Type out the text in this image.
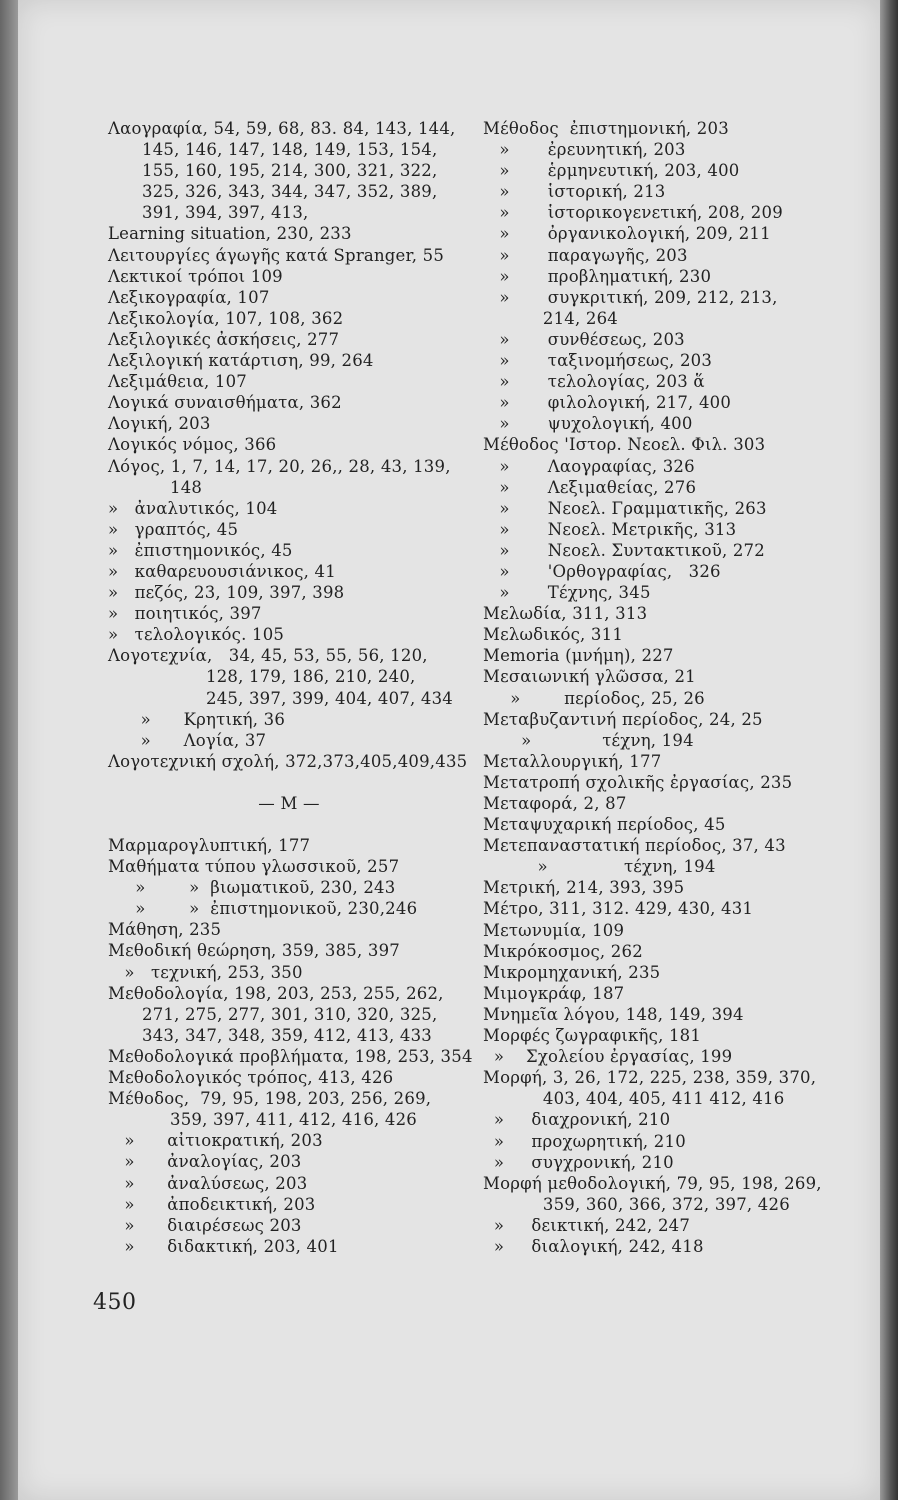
Λαογραφία, 54, 59, 68, 83. 84, 143, 144,
145, 146, 147, 148, 149, 153, 154,
155, 160, 195, 214, 300, 321, 322,
325, 326, 343, 344, 347, 352, 389,
391, 394, 397, 413,
Learning situation, 230, 233
Λειτουργίες άγωγῆς κατά Spranger, 55
Λεκτικοί τρόποι 109
Λεξικογραφία, 107
Λεξικολογία, 107, 108, 362
Λεξιλογικές ἀσκήσεις, 277
Λεξιλογική κατάρτιση, 99, 264
Λεξιμάθεια, 107
Λογικά συναισθήματα, 362
Λογική, 203
Λογικός νόμος, 366
Λόγος, 1, 7, 14, 17, 20, 26,, 28, 43, 139,
148
»   ἀναλυτικός, 104
»   γραπτός, 45
»   ἐπιστημονικός, 45
»   καθαρευουσιάνικος, 41
»   πεζός, 23, 109, 397, 398
»   ποιητικός, 397
»   τελολογικός. 105
Λογοτεχνία,   34, 45, 53, 55, 56, 120,
128, 179, 186, 210, 240,
245, 397, 399, 404, 407, 434
»      Κρητική, 36
»      Λογία, 37
Λογοτεχνική σχολή, 372,373,405,409,435
— Μ —
Μαρμαρογλυπτική, 177
Μαθήματα τύπου γλωσσικοῦ, 257
»        »  βιωματικοῦ, 230, 243
»        »  ἐπιστημονικοῦ, 230,246
Μάθηση, 235
Μεθοδική θεώρηση, 359, 385, 397
»   τεχνική, 253, 350
Μεθοδολογία, 198, 203, 253, 255, 262,
271, 275, 277, 301, 310, 320, 325,
343, 347, 348, 359, 412, 413, 433
Μεθοδολογικά προβλήματα, 198, 253, 354
Μεθοδολογικός τρόπος, 413, 426
Μέθοδος,  79, 95, 198, 203, 256, 269,
359, 397, 411, 412, 416, 426
»      αἰτιοκρατική, 203
»      ἀναλογίας, 203
»      ἀναλύσεως, 203
»      ἀποδεικτική, 203
»      διαιρέσεως 203
»      διδακτική, 203, 401
Μέθοδος  ἐπιστημονική, 203
»       ἐρευνητική, 203
»       ἑρμηνευτική, 203, 400
»       ἱστορική, 213
»       ἱστορικογενετική, 208, 209
»       ὀργανικολογική, 209, 211
»       παραγωγῆς, 203
»       προβληματική, 230
»       συγκριτική, 209, 212, 213,
214, 264
»       συνθέσεως, 203
»       ταξινομήσεως, 203
»       τελολογίας, 203 ἅ
»       φιλολογική, 217, 400
»       ψυχολογική, 400
Μέθοδος 'Ιστορ. Νεοελ. Φιλ. 303
»       Λαογραφίας, 326
»       Λεξιμαθείας, 276
»       Νεοελ. Γραμματικῆς, 263
»       Νεοελ. Μετρικῆς, 313
»       Νεοελ. Συντακτικοῦ, 272
»       'Ορθογραφίας,   326
»       Τέχνης, 345
Μελωδία, 311, 313
Μελωδικός, 311
Memoria (μνήμη), 227
Μεσαιωνική γλῶσσα, 21
»        περίοδος, 25, 26
Μεταβυζαντινή περίοδος, 24, 25
»             τέχνη, 194
Μεταλλουργική, 177
Μετατροπή σχολικῆς ἐργασίας, 235
Μεταφορά, 2, 87
Μεταψυχαρική περίοδος, 45
Μετεπαναστατική περίοδος, 37, 43
»              τέχνη, 194
Μετρική, 214, 393, 395
Μέτρο, 311, 312. 429, 430, 431
Μετωνυμία, 109
Μικρόκοσμος, 262
Μικρομηχανική, 235
Μιμογκράφ, 187
Μνημεῖα λόγου, 148, 149, 394
Μορφές ζωγραφικῆς, 181
»    Σχολείου ἐργασίας, 199
Μορφή, 3, 26, 172, 225, 238, 359, 370,
403, 404, 405, 411 412, 416
»     διαχρονική, 210
»     προχωρητική, 210
»     συγχρονική, 210
Μορφή μεθοδολογική, 79, 95, 198, 269,
359, 360, 366, 372, 397, 426
»     δεικτική, 242, 247
»     διαλογική, 242, 418
450
